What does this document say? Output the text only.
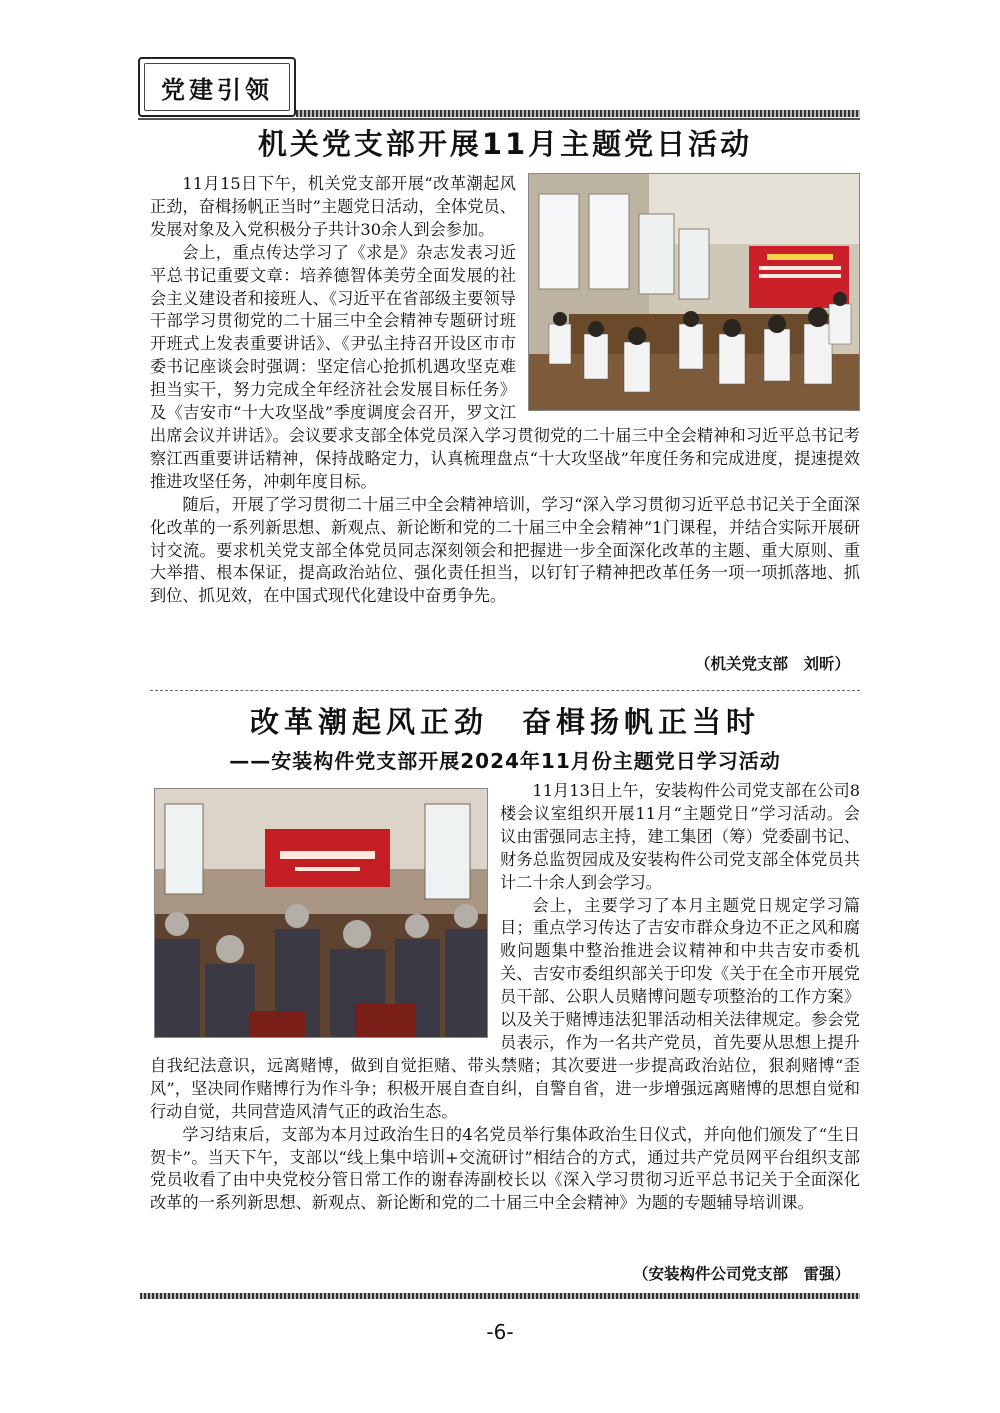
党建引领
机关党支部开展11月主题党日活动

11月15日下午，机关党支部开展“改革潮起风正劲，奋楫扬帆正当时”主题党日活动，全体党员、发展对象及入党积极分子共计30余人到会参加。

会上，重点传达学习了《求是》杂志发表习近平总书记重要文章：培养德智体美劳全面发展的社会主义建设者和接班人、《习近平在省部级主要领导干部学习贯彻党的二十届三中全会精神专题研讨班开班式上发表重要讲话》、《尹弘主持召开设区市市委书记座谈会时强调：坚定信心抢抓机遇攻坚克难担当实干，努力完成全年经济社会发展目标任务》及《吉安市“十大攻坚战”季度调度会召开，罗文江出席会议并讲话》。会议要求支部全体党员深入学习贯彻党的二十届三中全会精神和习近平总书记考察江西重要讲话精神，保持战略定力，认真梳理盘点“十大攻坚战”年度任务和完成进度，提速提效推进攻坚任务，冲刺年度目标。

随后，开展了学习贯彻二十届三中全会精神培训，学习“深入学习贯彻习近平总书记关于全面深化改革的一系列新思想、新观点、新论断和党的二十届三中全会精神”1门课程，并结合实际开展研讨交流。要求机关党支部全体党员同志深刻领会和把握进一步全面深化改革的主题、重大原则、重大举措、根本保证，提高政治站位、强化责任担当，以钉钉子精神把改革任务一项一项抓落地、抓到位、抓见效，在中国式现代化建设中奋勇争先。

（机关党支部　刘昕）
改革潮起风正劲　奋楫扬帆正当时
——安装构件党支部开展2024年11月份主题党日学习活动

11月13日上午，安装构件公司党支部在公司8楼会议室组织开展11月“主题党日”学习活动。会议由雷强同志主持，建工集团（筹）党委副书记、财务总监贺园成及安装构件公司党支部全体党员共计二十余人到会学习。

会上，主要学习了本月主题党日规定学习篇目；重点学习传达了吉安市群众身边不正之风和腐败问题集中整治推进会议精神和中共吉安市委机关、吉安市委组织部关于印发《关于在全市开展党员干部、公职人员赌博问题专项整治的工作方案》以及关于赌博违法犯罪活动相关法律规定。参会党员表示，作为一名共产党员，首先要从思想上提升自我纪法意识，远离赌博，做到自觉拒赌、带头禁赌；其次要进一步提高政治站位，狠刹赌博“歪风”，坚决同作赌博行为作斗争；积极开展自查自纠，自警自省，进一步增强远离赌博的思想自觉和行动自觉，共同营造风清气正的政治生态。

学习结束后，支部为本月过政治生日的4名党员举行集体政治生日仪式，并向他们颁发了“生日贺卡”。当天下午，支部以“线上集中培训+交流研讨”相结合的方式，通过共产党员网平台组织支部党员收看了由中央党校分管日常工作的谢春涛副校长以《深入学习贯彻习近平总书记关于全面深化改革的一系列新思想、新观点、新论断和党的二十届三中全会精神》为题的专题辅导培训课。

（安装构件公司党支部　雷强）
-6-
